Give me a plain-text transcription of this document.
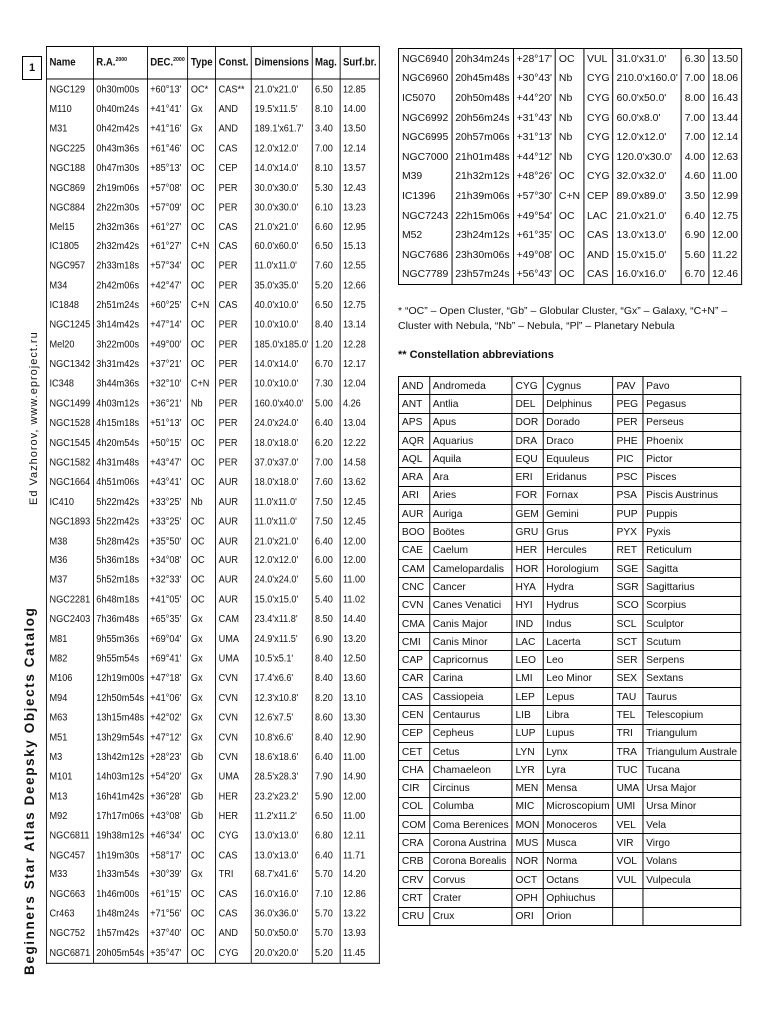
1
Ed Vazhorov, www.eproject.ru
Beginners Star Atlas Deepsky Objects Catalog
Name	R.A.$^{2000}$	DEC.$^{2000}$	Type	Const.	Dimensions	Mag.	Surf.br.
NGC129	0h30m00s	+60°13'	OC*	CAS**	21.0'x21.0'	6.50	12.85
M110	0h40m24s	+41°41'	Gx	AND	19.5'x11.5'	8.10	14.00
M31	0h42m42s	+41°16'	Gx	AND	189.1'x61.7'	3.40	13.50
NGC225	0h43m36s	+61°46'	OC	CAS	12.0'x12.0'	7.00	12.14
NGC188	0h47m30s	+85°13'	OC	CEP	14.0'x14.0'	8.10	13.57
NGC869	2h19m06s	+57°08'	OC	PER	30.0'x30.0'	5.30	12.43
NGC884	2h22m30s	+57°09'	OC	PER	30.0'x30.0'	6.10	13.23
Mel15	2h32m36s	+61°27'	OC	CAS	21.0'x21.0'	6.60	12.95
IC1805	2h32m42s	+61°27'	C+N	CAS	60.0'x60.0'	6.50	15.13
NGC957	2h33m18s	+57°34'	OC	PER	11.0'x11.0'	7.60	12.55
M34	2h42m06s	+42°47'	OC	PER	35.0'x35.0'	5.20	12.66
IC1848	2h51m24s	+60°25'	C+N	CAS	40.0'x10.0'	6.50	12.75
NGC1245	3h14m42s	+47°14'	OC	PER	10.0'x10.0'	8.40	13.14
Mel20	3h22m00s	+49°00'	OC	PER	185.0'x185.0'	1.20	12.28
NGC1342	3h31m42s	+37°21'	OC	PER	14.0'x14.0'	6.70	12.17
IC348	3h44m36s	+32°10'	C+N	PER	10.0'x10.0'	7.30	12.04
NGC1499	4h03m12s	+36°21'	Nb	PER	160.0'x40.0'	5.00	4.26
NGC1528	4h15m18s	+51°13'	OC	PER	24.0'x24.0'	6.40	13.04
NGC1545	4h20m54s	+50°15'	OC	PER	18.0'x18.0'	6.20	12.22
NGC1582	4h31m48s	+43°47'	OC	PER	37.0'x37.0'	7.00	14.58
NGC1664	4h51m06s	+43°41'	OC	AUR	18.0'x18.0'	7.60	13.62
IC410	5h22m42s	+33°25'	Nb	AUR	11.0'x11.0'	7.50	12.45
NGC1893	5h22m42s	+33°25'	OC	AUR	11.0'x11.0'	7.50	12.45
M38	5h28m42s	+35°50'	OC	AUR	21.0'x21.0'	6.40	12.00
M36	5h36m18s	+34°08'	OC	AUR	12.0'x12.0'	6.00	12.00
M37	5h52m18s	+32°33'	OC	AUR	24.0'x24.0'	5.60	11.00
NGC2281	6h48m18s	+41°05'	OC	AUR	15.0'x15.0'	5.40	11.02
NGC2403	7h36m48s	+65°35'	Gx	CAM	23.4'x11.8'	8.50	14.40
M81	9h55m36s	+69°04'	Gx	UMA	24.9'x11.5'	6.90	13.20
M82	9h55m54s	+69°41'	Gx	UMA	10.5'x5.1'	8.40	12.50
M106	12h19m00s	+47°18'	Gx	CVN	17.4'x6.6'	8.40	13.60
M94	12h50m54s	+41°06'	Gx	CVN	12.3'x10.8'	8.20	13.10
M63	13h15m48s	+42°02'	Gx	CVN	12.6'x7.5'	8.60	13.30
M51	13h29m54s	+47°12'	Gx	CVN	10.8'x6.6'	8.40	12.90
M3	13h42m12s	+28°23'	Gb	CVN	18.6'x18.6'	6.40	11.00
M101	14h03m12s	+54°20'	Gx	UMA	28.5'x28.3'	7.90	14.90
M13	16h41m42s	+36°28'	Gb	HER	23.2'x23.2'	5.90	12.00
M92	17h17m06s	+43°08'	Gb	HER	11.2'x11.2'	6.50	11.00
NGC6811	19h38m12s	+46°34'	OC	CYG	13.0'x13.0'	6.80	12.11
NGC457	1h19m30s	+58°17'	OC	CAS	13.0'x13.0'	6.40	11.71
M33	1h33m54s	+30°39'	Gx	TRI	68.7'x41.6'	5.70	14.20
NGC663	1h46m00s	+61°15'	OC	CAS	16.0'x16.0'	7.10	12.86
Cr463	1h48m24s	+71°56'	OC	CAS	36.0'x36.0'	5.70	13.22
NGC752	1h57m42s	+37°40'	OC	AND	50.0'x50.0'	5.70	13.93
NGC6871	20h05m54s	+35°47'	OC	CYG	20.0'x20.0'	5.20	11.45
NGC6940	20h34m24s	+28°17'	OC	VUL	31.0'x31.0'	6.30	13.50
NGC6960	20h45m48s	+30°43'	Nb	CYG	210.0'x160.0'	7.00	18.06
IC5070	20h50m48s	+44°20'	Nb	CYG	60.0'x50.0'	8.00	16.43
NGC6992	20h56m24s	+31°43'	Nb	CYG	60.0'x8.0'	7.00	13.44
NGC6995	20h57m06s	+31°13'	Nb	CYG	12.0'x12.0'	7.00	12.14
NGC7000	21h01m48s	+44°12'	Nb	CYG	120.0'x30.0'	4.00	12.63
M39	21h32m12s	+48°26'	OC	CYG	32.0'x32.0'	4.60	11.00
IC1396	21h39m06s	+57°30'	C+N	CEP	89.0'x89.0'	3.50	12.99
NGC7243	22h15m06s	+49°54'	OC	LAC	21.0'x21.0'	6.40	12.75
M52	23h24m12s	+61°35'	OC	CAS	13.0'x13.0'	6.90	12.00
NGC7686	23h30m06s	+49°08'	OC	AND	15.0'x15.0'	5.60	11.22
NGC7789	23h57m24s	+56°43'	OC	CAS	16.0'x16.0'	6.70	12.46
* “OC” – Open Cluster, “Gb” – Globular Cluster, “Gx” – Galaxy, “C+N” – Cluster with Nebula, “Nb” – Nebula, “Pl” – Planetary Nebula
** Constellation abbreviations
AND	Andromeda	CYG	Cygnus	PAV	Pavo
ANT	Antlia	DEL	Delphinus	PEG	Pegasus
APS	Apus	DOR	Dorado	PER	Perseus
AQR	Aquarius	DRA	Draco	PHE	Phoenix
AQL	Aquila	EQU	Equuleus	PIC	Pictor
ARA	Ara	ERI	Eridanus	PSC	Pisces
ARI	Aries	FOR	Fornax	PSA	Piscis Austrinus
AUR	Auriga	GEM	Gemini	PUP	Puppis
BOO	Boötes	GRU	Grus	PYX	Pyxis
CAE	Caelum	HER	Hercules	RET	Reticulum
CAM	Camelopardalis	HOR	Horologium	SGE	Sagitta
CNC	Cancer	HYA	Hydra	SGR	Sagittarius
CVN	Canes Venatici	HYI	Hydrus	SCO	Scorpius
CMA	Canis Major	IND	Indus	SCL	Sculptor
CMI	Canis Minor	LAC	Lacerta	SCT	Scutum
CAP	Capricornus	LEO	Leo	SER	Serpens
CAR	Carina	LMI	Leo Minor	SEX	Sextans
CAS	Cassiopeia	LEP	Lepus	TAU	Taurus
CEN	Centaurus	LIB	Libra	TEL	Telescopium
CEP	Cepheus	LUP	Lupus	TRI	Triangulum
CET	Cetus	LYN	Lynx	TRA	Triangulum Australe
CHA	Chamaeleon	LYR	Lyra	TUC	Tucana
CIR	Circinus	MEN	Mensa	UMA	Ursa Major
COL	Columba	MIC	Microscopium	UMI	Ursa Minor
COM	Coma Berenices	MON	Monoceros	VEL	Vela
CRA	Corona Austrina	MUS	Musca	VIR	Virgo
CRB	Corona Borealis	NOR	Norma	VOL	Volans
CRV	Corvus	OCT	Octans	VUL	Vulpecula
CRT	Crater	OPH	Ophiuchus		
CRU	Crux	ORI	Orion		
